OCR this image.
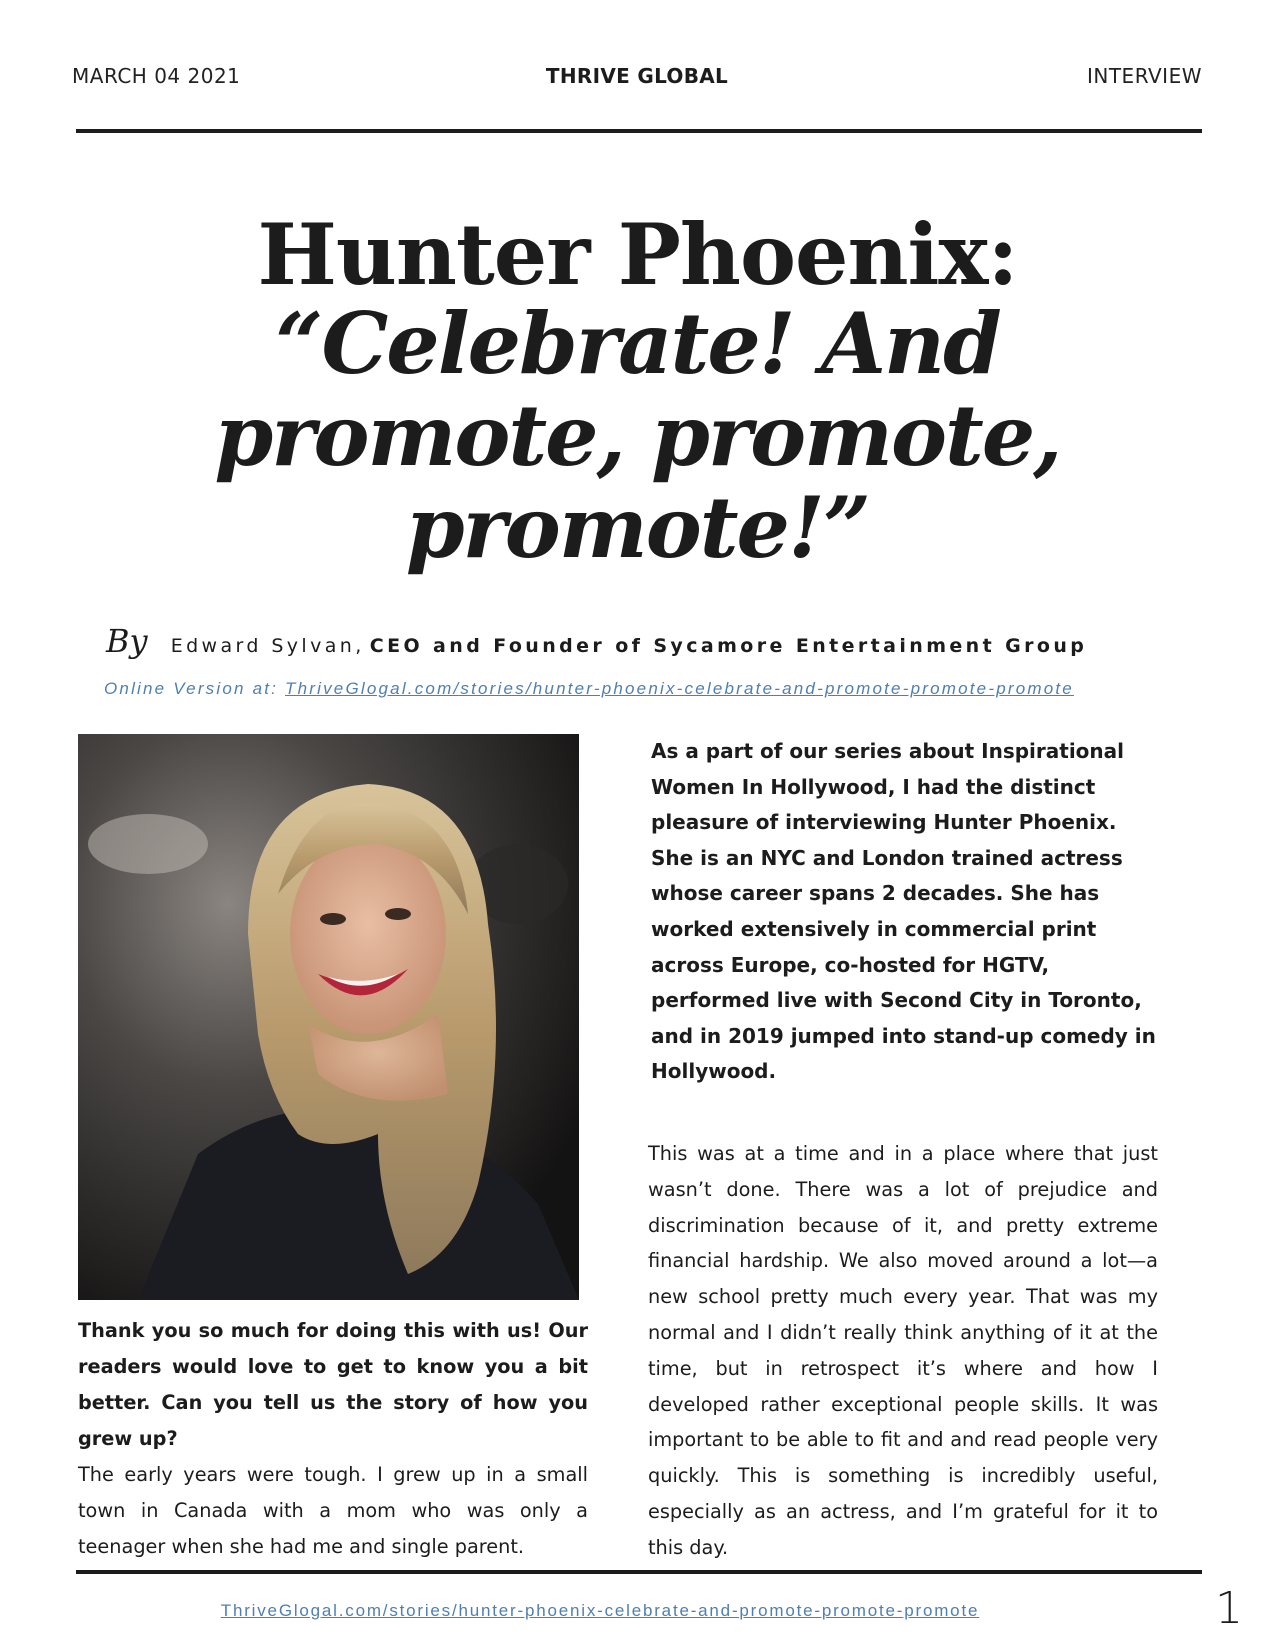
MARCH 04 2021	THRIVE GLOBAL	INTERVIEW
Hunter Phoenix:
“Celebrate! And
promote, promote,
promote!”
By Edward Sylvan, CEO and Founder of Sycamore Entertainment Group
Online Version at: ThriveGlogal.com/stories/hunter-phoenix-celebrate-and-promote-promote-promote
Thank you so much for doing this with us! Our readers would love to get to know you a bit better. Can you tell us the story of how you grew up?
The early years were tough. I grew up in a small town in Canada with a mom who was only a teenager when she had me and single parent.

As a part of our series about Inspirational Women In Hollywood, I had the distinct pleasure of interviewing Hunter Phoenix. She is an NYC and London trained actress whose career spans 2 decades. She has worked extensively in commercial print across Europe, co-hosted for HGTV, performed live with Second City in Toronto, and in 2019 jumped into stand-up comedy in Hollywood.

This was at a time and in a place where that just wasn’t done. There was a lot of prejudice and discrimination because of it, and pretty extreme financial hardship. We also moved around a lot—a new school pretty much every year. That was my normal and I didn’t really think anything of it at the time, but in retrospect it’s where and how I developed rather exceptional people skills. It was important to be able to fit and and read people very quickly. This is something is incredibly useful, especially as an actress, and I’m grateful for it to this day.

ThriveGlogal.com/stories/hunter-phoenix-celebrate-and-promote-promote-promote	1
